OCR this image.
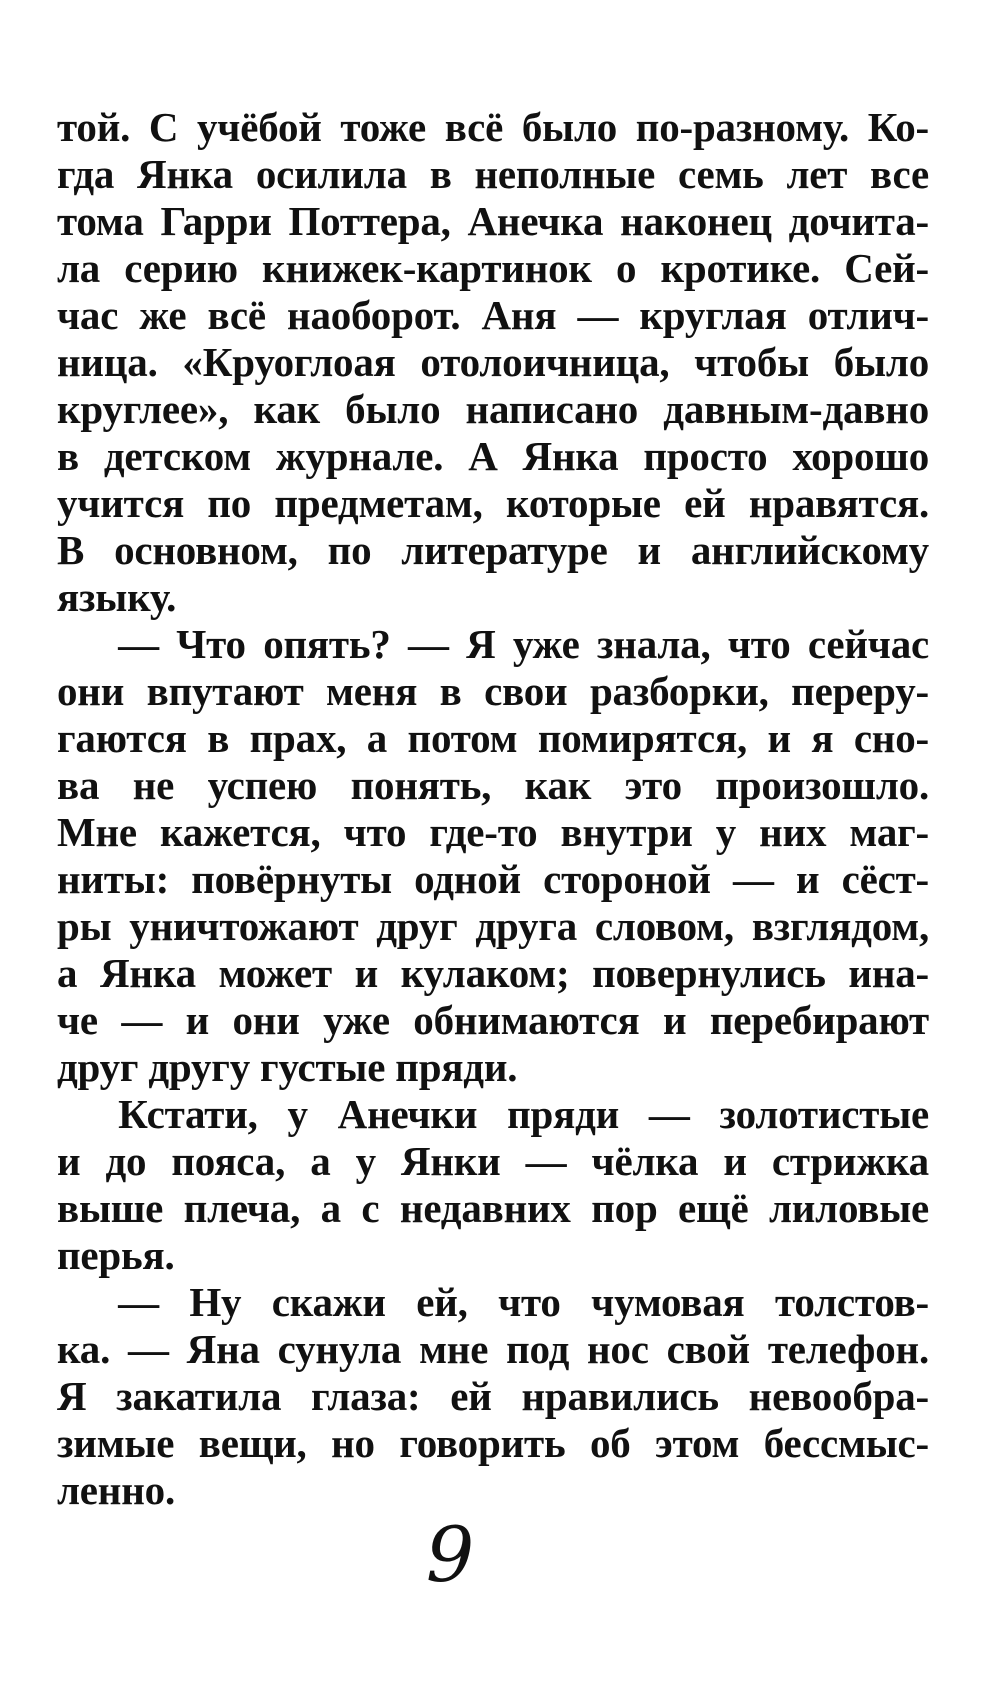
той. С учёбой тоже всё было по-разному. Ко-
гда Янка осилила в неполные семь лет все
тома Гарри Поттера, Анечка наконец дочита-
ла серию книжек-картинок о кротике. Сей-
час же всё наоборот. Аня — круглая отлич-
ница. «Круоглоая отолоичница, чтобы было
круглее», как было написано давным-давно
в детском журнале. А Янка просто хорошо
учится по предметам, которые ей нравятся.
В основном, по литературе и английскому
языку.
  — Что опять? — Я уже знала, что сейчас
они впутают меня в свои разборки, переру-
гаются в прах, а потом помирятся, и я сно-
ва не успею понять, как это произошло.
Мне кажется, что где-то внутри у них маг-
ниты: повёрнуты одной стороной — и сёст-
ры уничтожают друг друга словом, взглядом,
а Янка может и кулаком; повернулись ина-
че — и они уже обнимаются и перебирают
друг другу густые пряди.
  Кстати, у Анечки пряди — золотистые
и до пояса, а у Янки — чёлка и стрижка
выше плеча, а с недавних пор ещё лиловые
перья.
  — Ну скажи ей, что чумовая толстов-
ка. — Яна сунула мне под нос свой телефон.
Я закатила глаза: ей нравились невообра-
зимые вещи, но говорить об этом бессмыс-
ленно.
9
